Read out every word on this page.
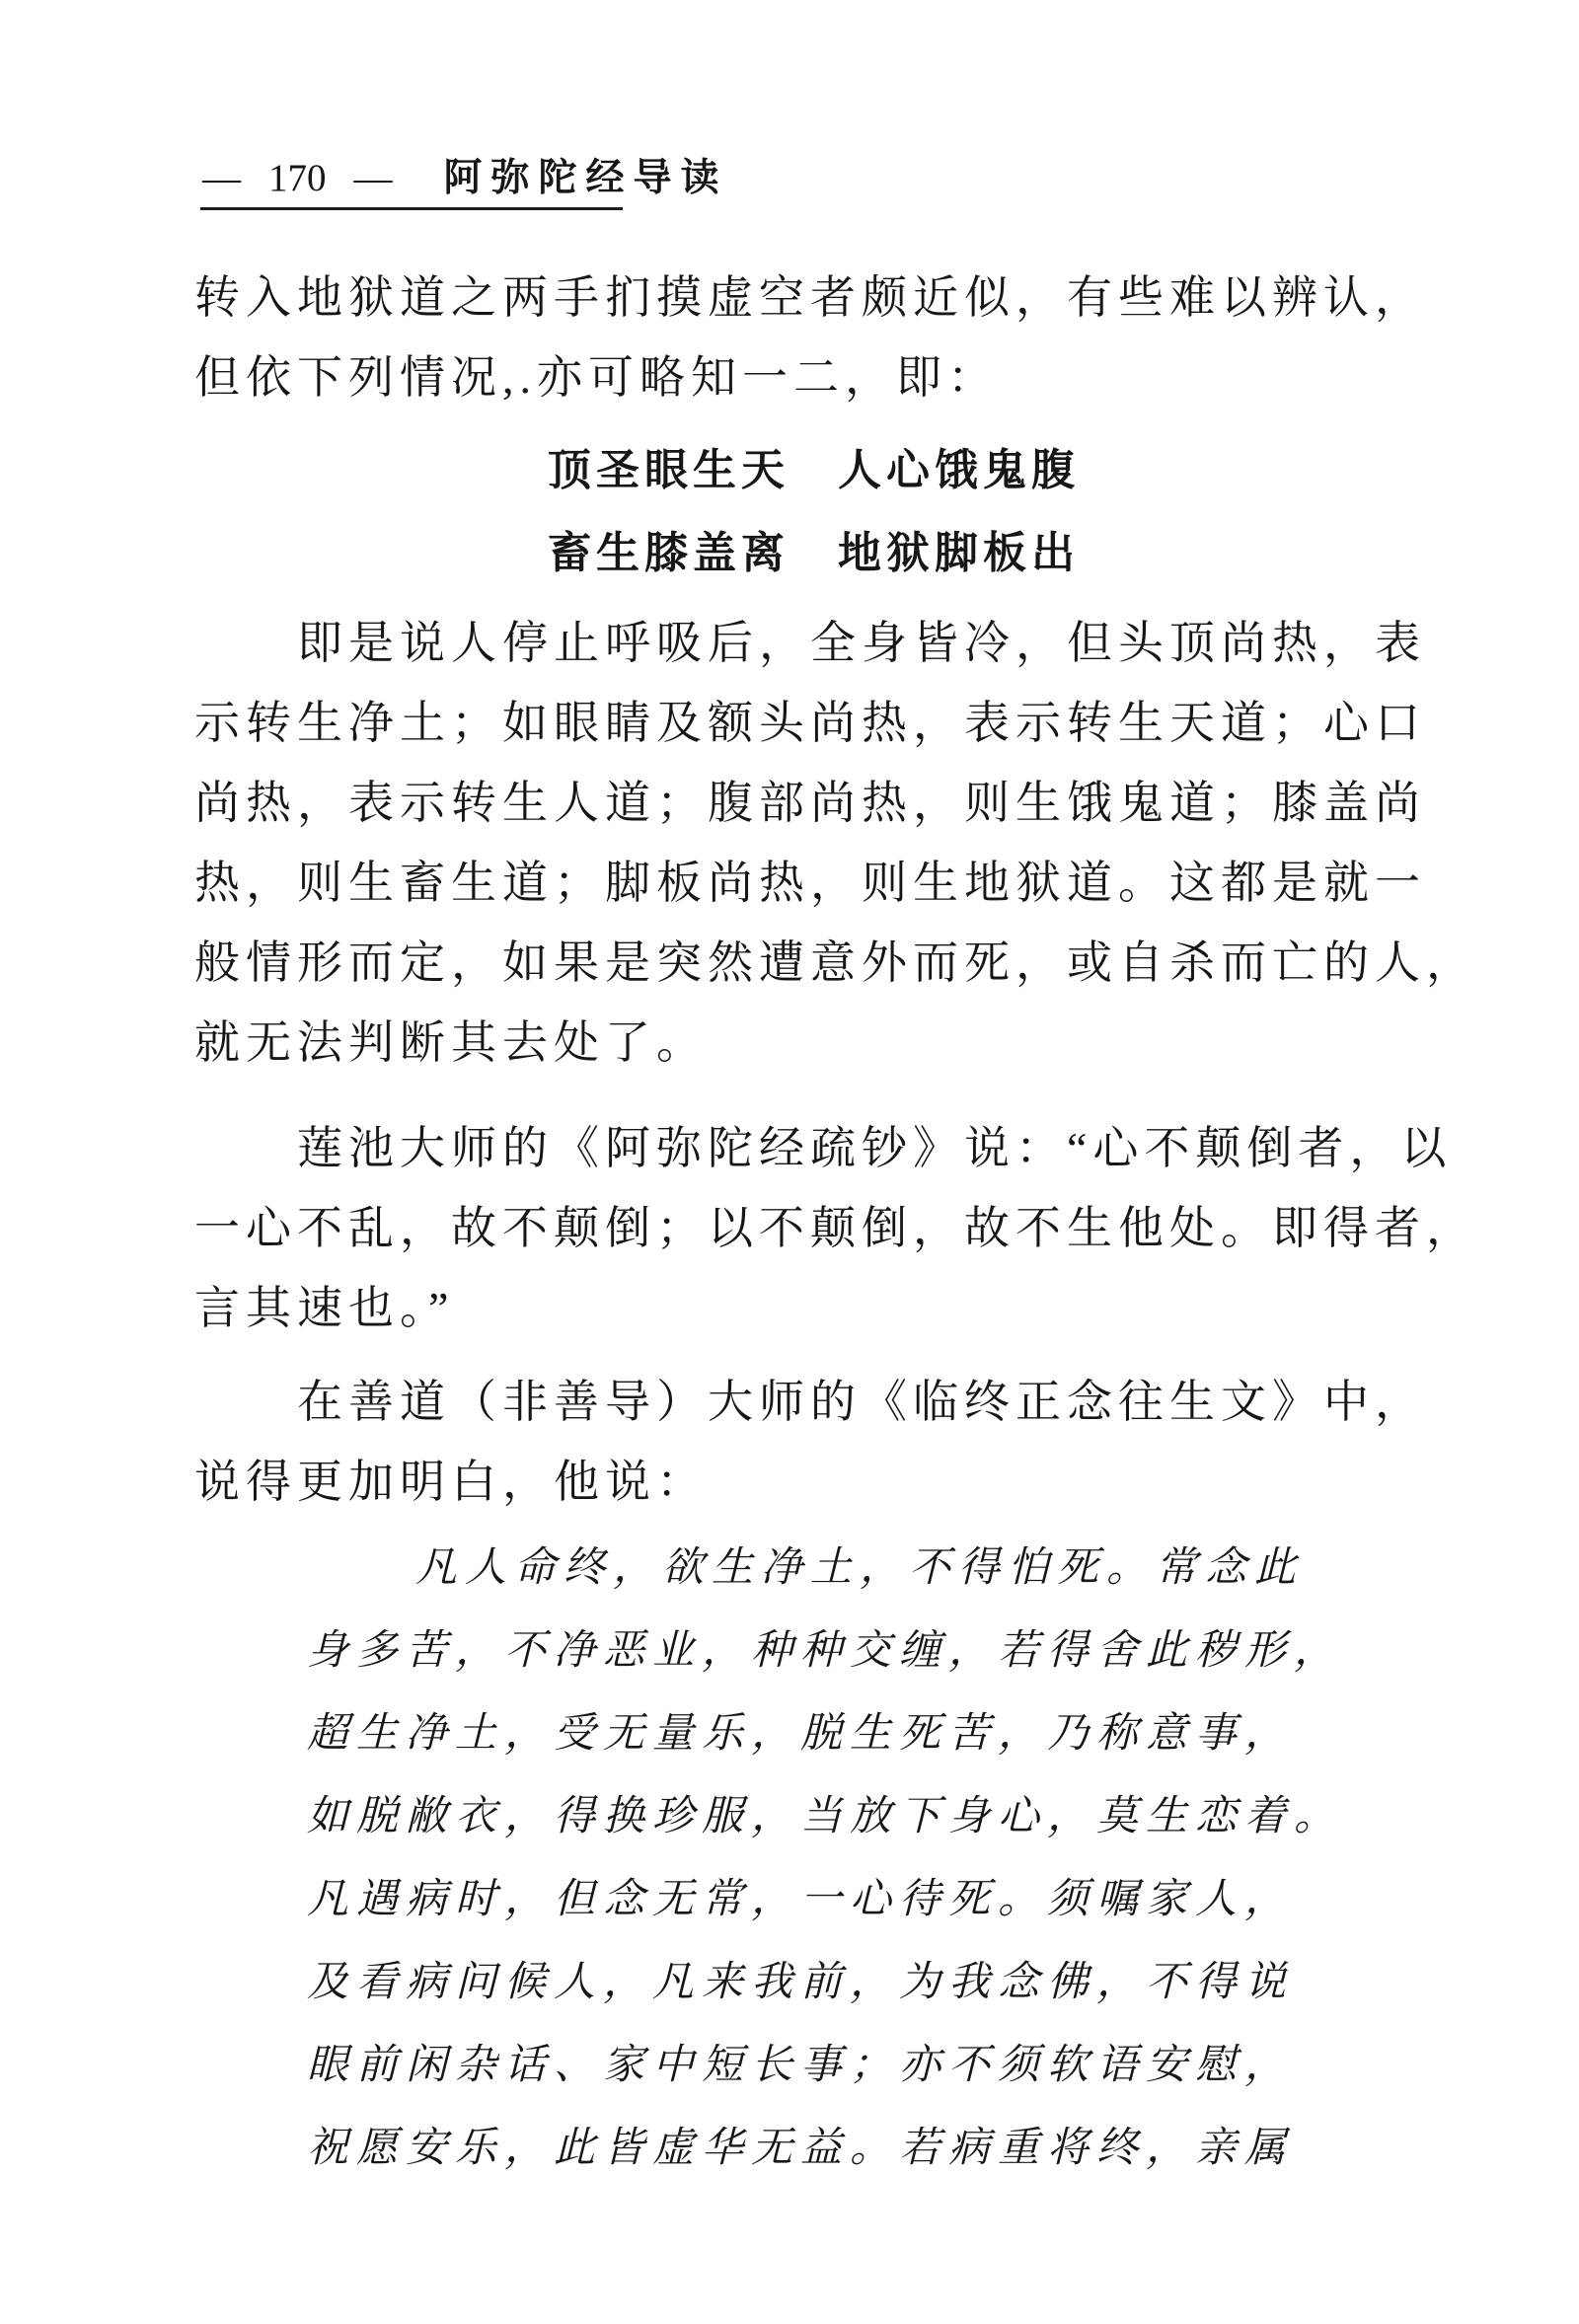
— 170 — 阿弥陀经导读
转入地狱道之两手扪摸虚空者颇近似，有些难以辨认，
但依下列情况,.亦可略知一二，即：
顶圣眼生天　人心饿鬼腹
畜生膝盖离　地狱脚板出
即是说人停止呼吸后，全身皆冷，但头顶尚热，表
示转生净土；如眼睛及额头尚热，表示转生天道；心口
尚热，表示转生人道；腹部尚热，则生饿鬼道；膝盖尚
热，则生畜生道；脚板尚热，则生地狱道。这都是就一
般情形而定，如果是突然遭意外而死，或自杀而亡的人，
就无法判断其去处了。
莲池大师的《阿弥陀经疏钞》说：“心不颠倒者，以
一心不乱，故不颠倒；以不颠倒，故不生他处。即得者，
言其速也。”
在善道（非善导）大师的《临终正念往生文》中，
说得更加明白，他说：
凡人命终，欲生净土，不得怕死。常念此
身多苦，不净恶业，种种交缠，若得舍此秽形，
超生净土，受无量乐，脱生死苦，乃称意事，
如脱敝衣，得换珍服，当放下身心，莫生恋着。
凡遇病时，但念无常，一心待死。须嘱家人，
及看病问候人，凡来我前，为我念佛，不得说
眼前闲杂话、家中短长事；亦不须软语安慰，
祝愿安乐，此皆虚华无益。若病重将终，亲属
